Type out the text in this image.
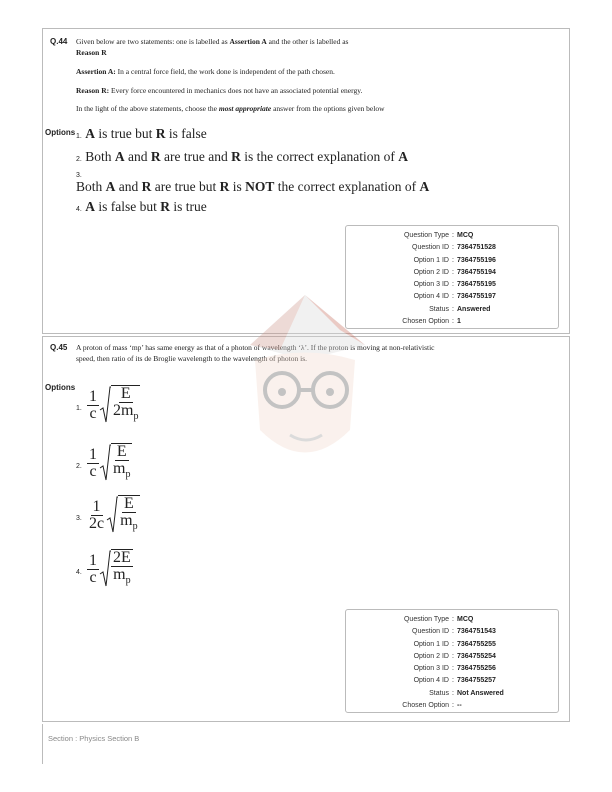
Q.44 Given below are two statements: one is labelled as Assertion A and the other is labelled as
Reason R
Assertion A: In a central force field, the work done is independent of the path chosen.
Reason R: Every force encountered in mechanics does not have an associated potential energy.
In the light of the above statements, choose the most appropriate answer from the options given below
Options 1. A is true but R is false
2. Both A and R are true and R is the correct explanation of A
3.
Both A and R are true but R is NOT the correct explanation of A
4. A is false but R is true
Question Type : MCQ
Question ID : 7364751528
Option 1 ID : 7364755196
Option 2 ID : 7364755194
Option 3 ID : 7364755195
Option 4 ID : 7364755197
Status : Answered
Chosen Option : 1
Q.45 A proton of mass ‘mp’ has same energy as that of a photon of wavelength ‘λ’. If the proton is moving at non-relativistic speed, then ratio of its de Broglie wavelength to the wavelength of photon is.
Options
1. $\frac{1}{c} \frac{E}{2m_p}$
2. $\frac{1}{c} \frac{E}{m_p}$
3. $\frac{1}{2c} \frac{E}{m_p}$
4. $\frac{1}{c} \frac{2E}{m_p}$
Question Type : MCQ
Question ID : 7364751543
Option 1 ID : 7364755255
Option 2 ID : 7364755254
Option 3 ID : 7364755256
Option 4 ID : 7364755257
Status : Not Answered
Chosen Option : --
Section : Physics Section B
